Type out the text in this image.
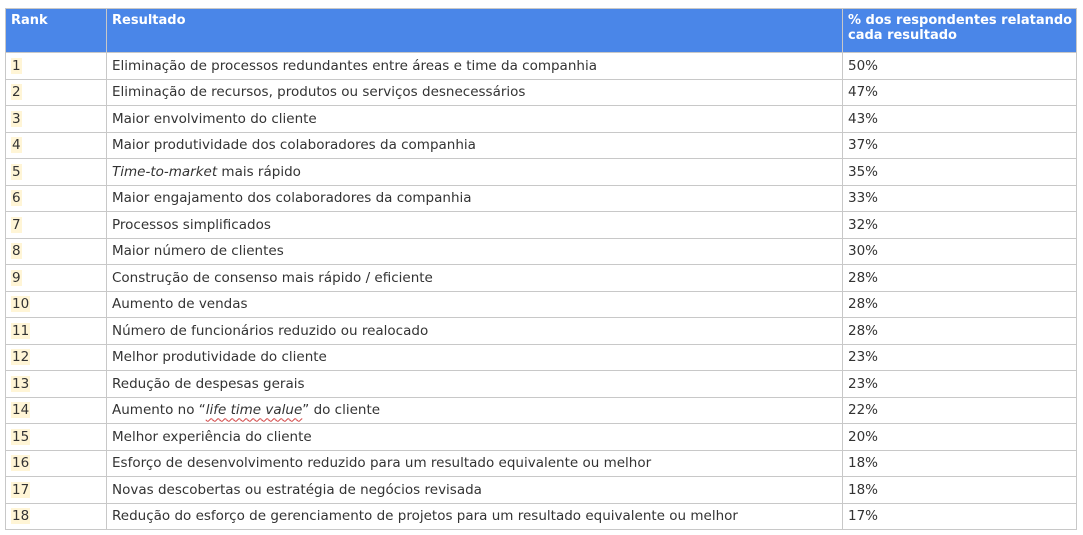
Rank	Resultado	% dos respondentes relatando cada resultado
1	Eliminação de processos redundantes entre áreas e time da companhia	50%
2	Eliminação de recursos, produtos ou serviços desnecessários	47%
3	Maior envolvimento do cliente	43%
4	Maior produtividade dos colaboradores da companhia	37%
5	Time-to-market mais rápido	35%
6	Maior engajamento dos colaboradores da companhia	33%
7	Processos simplificados	32%
8	Maior número de clientes	30%
9	Construção de consenso mais rápido / eficiente	28%
10	Aumento de vendas	28%
11	Número de funcionários reduzido ou realocado	28%
12	Melhor produtividade do cliente	23%
13	Redução de despesas gerais	23%
14	Aumento no “life time value” do cliente	22%
15	Melhor experiência do cliente	20%
16	Esforço de desenvolvimento reduzido para um resultado equivalente ou melhor	18%
17	Novas descobertas ou estratégia de negócios revisada	18%
18	Redução do esforço de gerenciamento de projetos para um resultado equivalente ou melhor	17%
